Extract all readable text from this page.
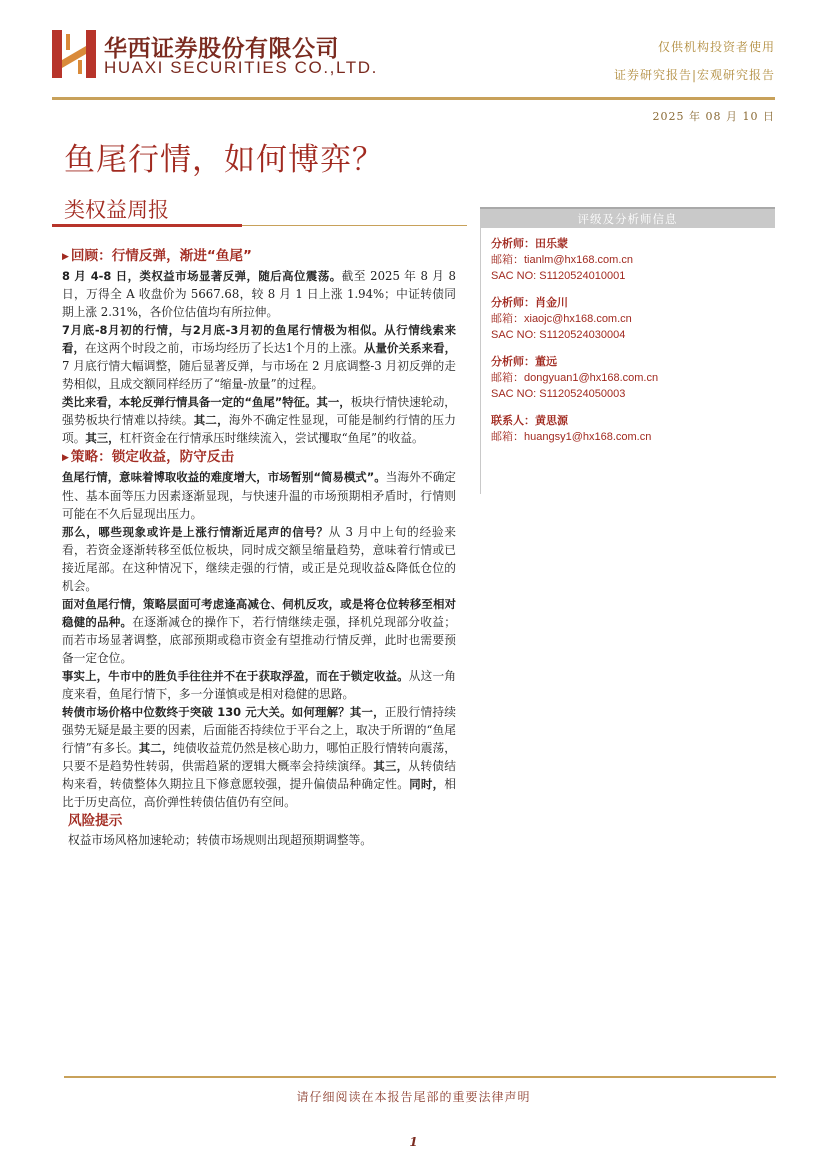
华西证券股份有限公司
HUAXI SECURITIES CO.,LTD.
仅供机构投资者使用
证券研究报告|宏观研究报告
2025 年 08 月 10 日
鱼尾行情，如何博弈？
类权益周报
▶ 回顾：行情反弹，渐进“鱼尾”
8 月 4-8 日，类权益市场显著反弹，随后高位震荡。截至 2025 年 8 月 8 日，万得全 A 收盘价为 5667.68，较 8 月 1 日上涨 1.94%；中证转债同期上涨 2.31%，各价位估值均有所拉伸。
7月底-8月初的行情，与2月底-3月初的鱼尾行情极为相似。从行情线索来看，在这两个时段之前，市场均经历了长达1个月的上涨。从量价关系来看，7 月底行情大幅调整，随后显著反弹，与市场在 2 月底调整-3 月初反弹的走势相似，且成交额同样经历了“缩量-放量”的过程。
类比来看，本轮反弹行情具备一定的“鱼尾”特征。其一，板块行情快速轮动，强势板块行情难以持续。其二，海外不确定性显现，可能是制约行情的压力项。其三，杠杆资金在行情承压时继续流入，尝试攫取“鱼尾”的收益。
▶ 策略：锁定收益，防守反击
鱼尾行情，意味着博取收益的难度增大，市场暂别“简易模式”。当海外不确定性、基本面等压力因素逐渐显现，与快速升温的市场预期相矛盾时，行情则可能在不久后显现出压力。
那么，哪些现象或许是上涨行情渐近尾声的信号？从 3 月中上旬的经验来看，若资金逐渐转移至低位板块，同时成交额呈缩量趋势，意味着行情或已接近尾部。在这种情况下，继续走强的行情，或正是兑现收益&降低仓位的机会。
面对鱼尾行情，策略层面可考虑逢高减仓、伺机反攻，或是将仓位转移至相对稳健的品种。在逐渐减仓的操作下，若行情继续走强，择机兑现部分收益；而若市场显著调整，底部预期或稳市资金有望推动行情反弹，此时也需要预备一定仓位。
事实上，牛市中的胜负手往往并不在于获取浮盈，而在于锁定收益。从这一角度来看，鱼尾行情下，多一分谨慎或是相对稳健的思路。
转债市场价格中位数终于突破 130 元大关。如何理解？其一，正股行情持续强势无疑是最主要的因素，后面能否持续位于平台之上，取决于所谓的“鱼尾行情”有多长。其二，纯债收益荒仍然是核心助力，哪怕正股行情转向震荡，只要不是趋势性转弱，供需趋紧的逻辑大概率会持续演绎。其三，从转债结构来看，转债整体久期拉且下修意愿较强，提升偏债品种确定性。同时，相比于历史高位，高价弹性转债估值仍有空间。
风险提示
权益市场风格加速轮动；转债市场规则出现超预期调整等。
评级及分析师信息
分析师：田乐蒙
邮箱：tianlm@hx168.com.cn
SAC NO: S1120524010001
分析师：肖金川
邮箱：xiaojc@hx168.com.cn
SAC NO: S1120524030004
分析师：董远
邮箱：dongyuan1@hx168.com.cn
SAC NO: S1120524050003
联系人：黄思源
邮箱：huangsy1@hx168.com.cn
请仔细阅读在本报告尾部的重要法律声明
1
